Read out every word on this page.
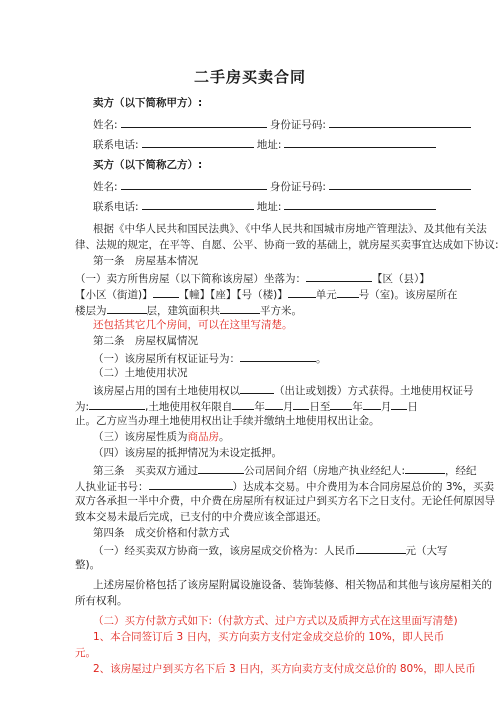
二手房买卖合同
卖方（以下简称甲方）:
姓名:	身份证号码:
联系电话:	地址:
买方（以下简称乙方）:
姓名:	身份证号码:
联系电话:	地址:
根据《中华人民共和国民法典》、《中华人民共和国城市房地产管理法》、及其他有关法
律、法规的规定，在平等、自愿、公平、协商一致的基础上，就房屋买卖事宜达成如下协议:
第一条　房屋基本情况
（一）卖方所售房屋（以下简称该房屋）坐落为：	【区（县）】
【小区（街道)】 【幢】【座】【号（楼)】	单元 号（室)。该房屋所在
楼层为	层，建筑面积共	平方米。
还包括其它几个房间，可以在这里写清楚。
第二条　房屋权属情况
（一）该房屋所有权证证号为：	。
（二）土地使用状况
该房屋占用的国有土地使用权以	（出让或划拨）方式获得。土地使用权证号
为:	,土地使用权年限自 年 月 日至 年 月 日
止。乙方应当办理土地使用权出让手续并缴纳土地使用权出让金。
（三）该房屋性质为商品房。
（四）该房屋的抵押情况为未设定抵押。
第三条　买卖双方通过	公司居间介绍（房地产执业经纪人:	，经纪
人执业证书号：	）达成本交易。中介费用为本合同房屋总价的 3%，买卖
双方各承担一半中介费，中介费在房屋所有权证过户到买方名下之日支付。无论任何原因导
致本交易未最后完成，已支付的中介费应该全部退还。
第四条　成交价格和付款方式
（一）经买卖双方协商一致，该房屋成交价格为：人民币	元（大写
整)。
上述房屋价格包括了该房屋附属设施设备、装饰装修、相关物品和其他与该房屋相关的
所有权利。
（二）买方付款方式如下:（付款方式、过户方式以及质押方式在这里面写清楚)
1、本合同签订后 3 日内，买方向卖方支付定金成交总价的 10%，即人民币
元。
2、该房屋过户到买方名下后 3 日内，买方向卖方支付成交总价的 80%，即人民币
